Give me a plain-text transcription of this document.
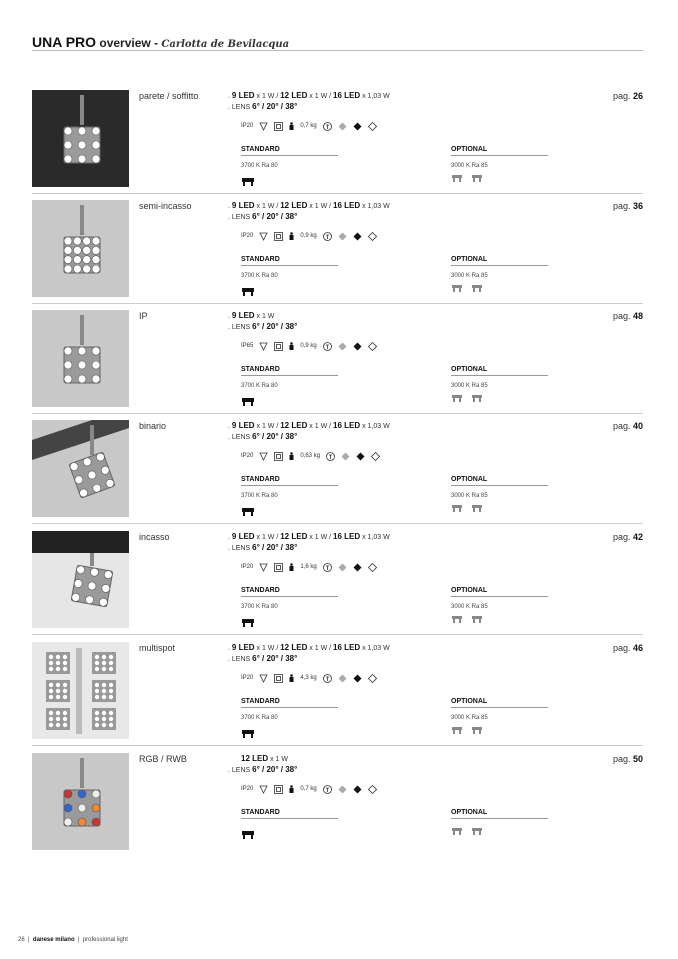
UNA PRO overview - Carlotta de Bevilacqua
parete / soffitto	. 9 LED x 1 W / 12 LED x 1 W / 16 LED x 1,03 W
. LENS 6° / 20° / 38°
pag. 26
IP20	0,7 kg
STANDARD	OPTIONAL
3700 K Ra 80	3000 K Ra 85
semi-incasso	. 9 LED x 1 W / 12 LED x 1 W / 16 LED x 1,03 W
. LENS 6° / 20° / 38°
pag. 36
IP20	0,9 kg
STANDARD	OPTIONAL
3700 K Ra 80	3000 K Ra 85
IP	. 9 LED x 1 W
. LENS 6° / 20° / 38°
pag. 48
IP65	0,9 kg
STANDARD	OPTIONAL
3700 K Ra 80	3000 K Ra 85
binario	. 9 LED x 1 W / 12 LED x 1 W / 16 LED x 1,03 W
. LENS 6° / 20° / 38°
pag. 40
IP20	0,63 kg
STANDARD	OPTIONAL
3700 K Ra 80	3000 K Ra 85
incasso	. 9 LED x 1 W / 12 LED x 1 W / 16 LED x 1,03 W
. LENS 6° / 20° / 38°
pag. 42
IP20	1,6 kg
STANDARD	OPTIONAL
3700 K Ra 80	3000 K Ra 85
multispot	. 9 LED x 1 W / 12 LED x 1 W / 16 LED x 1,03 W
. LENS 6° / 20° / 38°
pag. 46
IP20	4,3 kg
STANDARD	OPTIONAL
3700 K Ra 80	3000 K Ra 85
RGB / RWB	12 LED x 1 W
. LENS 6° / 20° / 38°
pag. 50
IP20	0,7 kg
STANDARD	OPTIONAL
26  |  danese milano  |  professional light
